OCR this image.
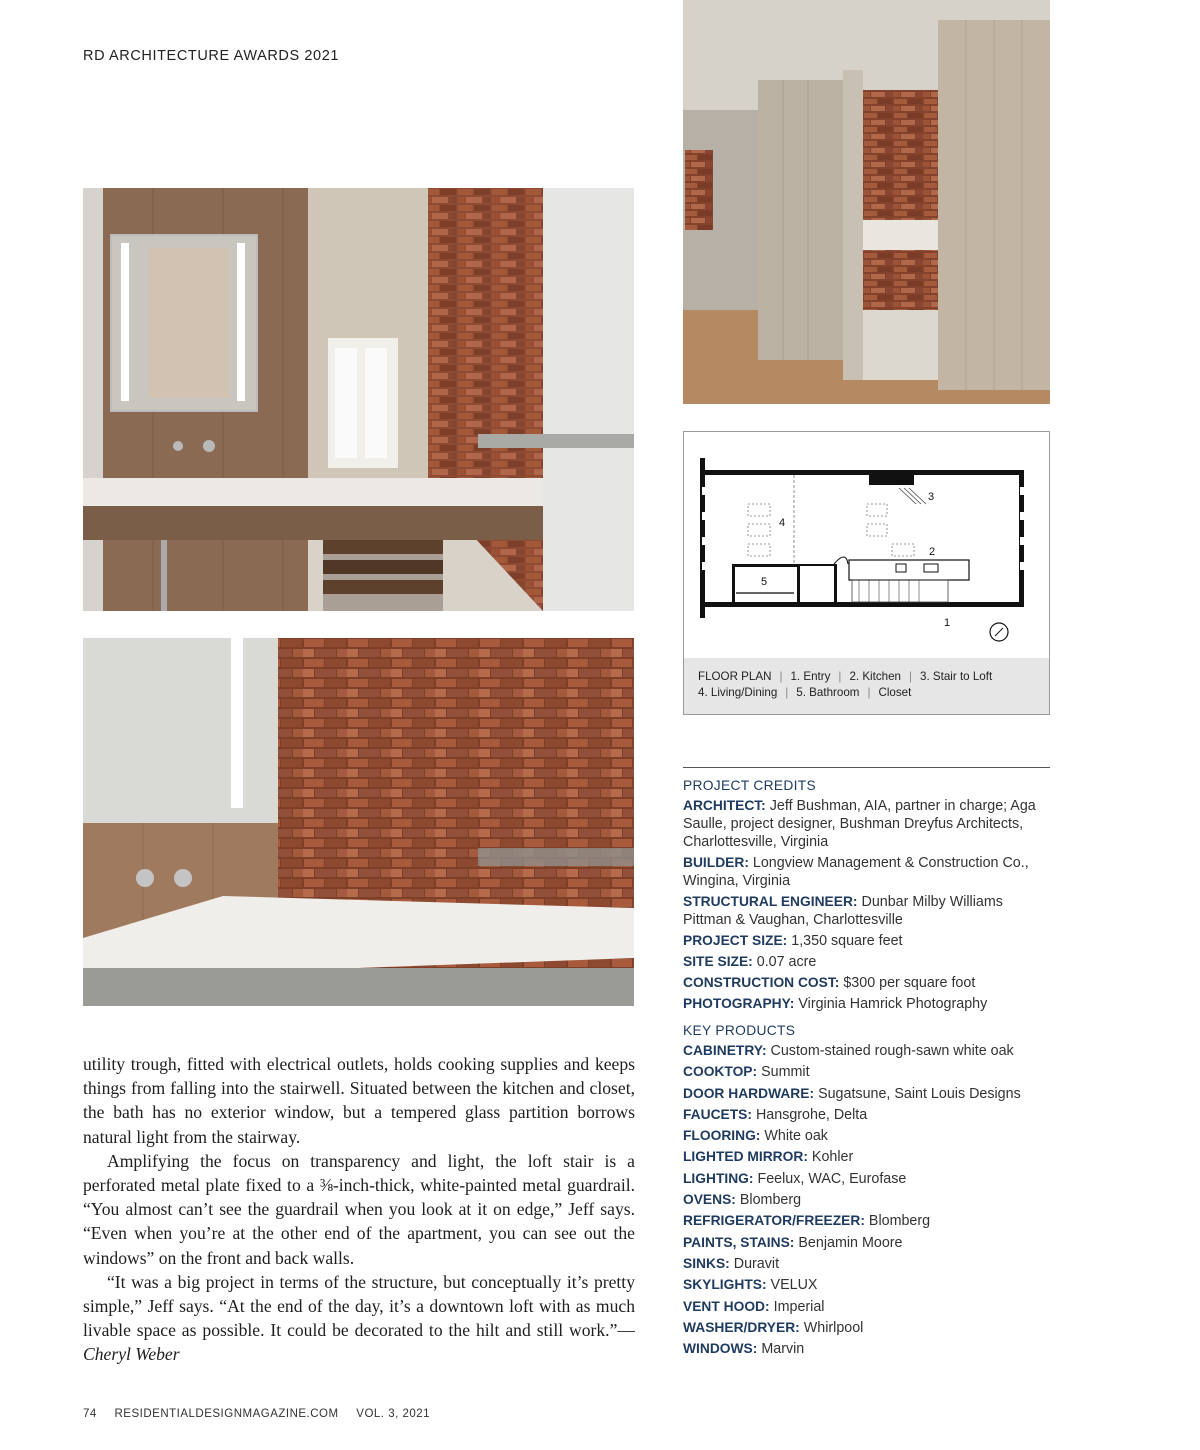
RD ARCHITECTURE AWARDS 2021
1
2
3
4
5
FLOOR PLAN | 1. Entry | 2. Kitchen | 3. Stair to Loft
4. Living/Dining | 5. Bathroom | Closet

utility trough, fitted with electrical outlets, holds cooking supplies and keeps things from falling into the stairwell. Situated between the kitchen and closet, the bath has no exterior window, but a tempered glass partition borrows natural light from the stairway.

Amplifying the focus on transparency and light, the loft stair is a perforated metal plate fixed to a ⅜-inch-thick, white-painted metal guardrail. “You almost can’t see the guardrail when you look at it on edge,” Jeff says. “Even when you’re at the other end of the apartment, you can see out the windows” on the front and back walls.

“It was a big project in terms of the structure, but conceptually it’s pretty simple,” Jeff says. “At the end of the day, it’s a downtown loft with as much livable space as possible. It could be decorated to the hilt and still work.”—Cheryl Weber

PROJECT CREDITS
ARCHITECT: Jeff Bushman, AIA, partner in charge; Aga Saulle, project designer, Bushman Dreyfus Architects, Charlottesville, Virginia
BUILDER: Longview Management & Construction Co., Wingina, Virginia
STRUCTURAL ENGINEER: Dunbar Milby Williams Pittman & Vaughan, Charlottesville
PROJECT SIZE: 1,350 square feet
SITE SIZE: 0.07 acre
CONSTRUCTION COST: $300 per square foot
PHOTOGRAPHY: Virginia Hamrick Photography
KEY PRODUCTS
CABINETRY: Custom-stained rough-sawn white oak
COOKTOP: Summit
DOOR HARDWARE: Sugatsune, Saint Louis Designs
FAUCETS: Hansgrohe, Delta
FLOORING: White oak
LIGHTED MIRROR: Kohler
LIGHTING: Feelux, WAC, Eurofase
OVENS: Blomberg
REFRIGERATOR/FREEZER: Blomberg
PAINTS, STAINS: Benjamin Moore
SINKS: Duravit
SKYLIGHTS: VELUX
VENT HOOD: Imperial
WASHER/DRYER: Whirlpool
WINDOWS: Marvin
74 RESIDENTIALDESIGNMAGAZINE.COM VOL. 3, 2021
